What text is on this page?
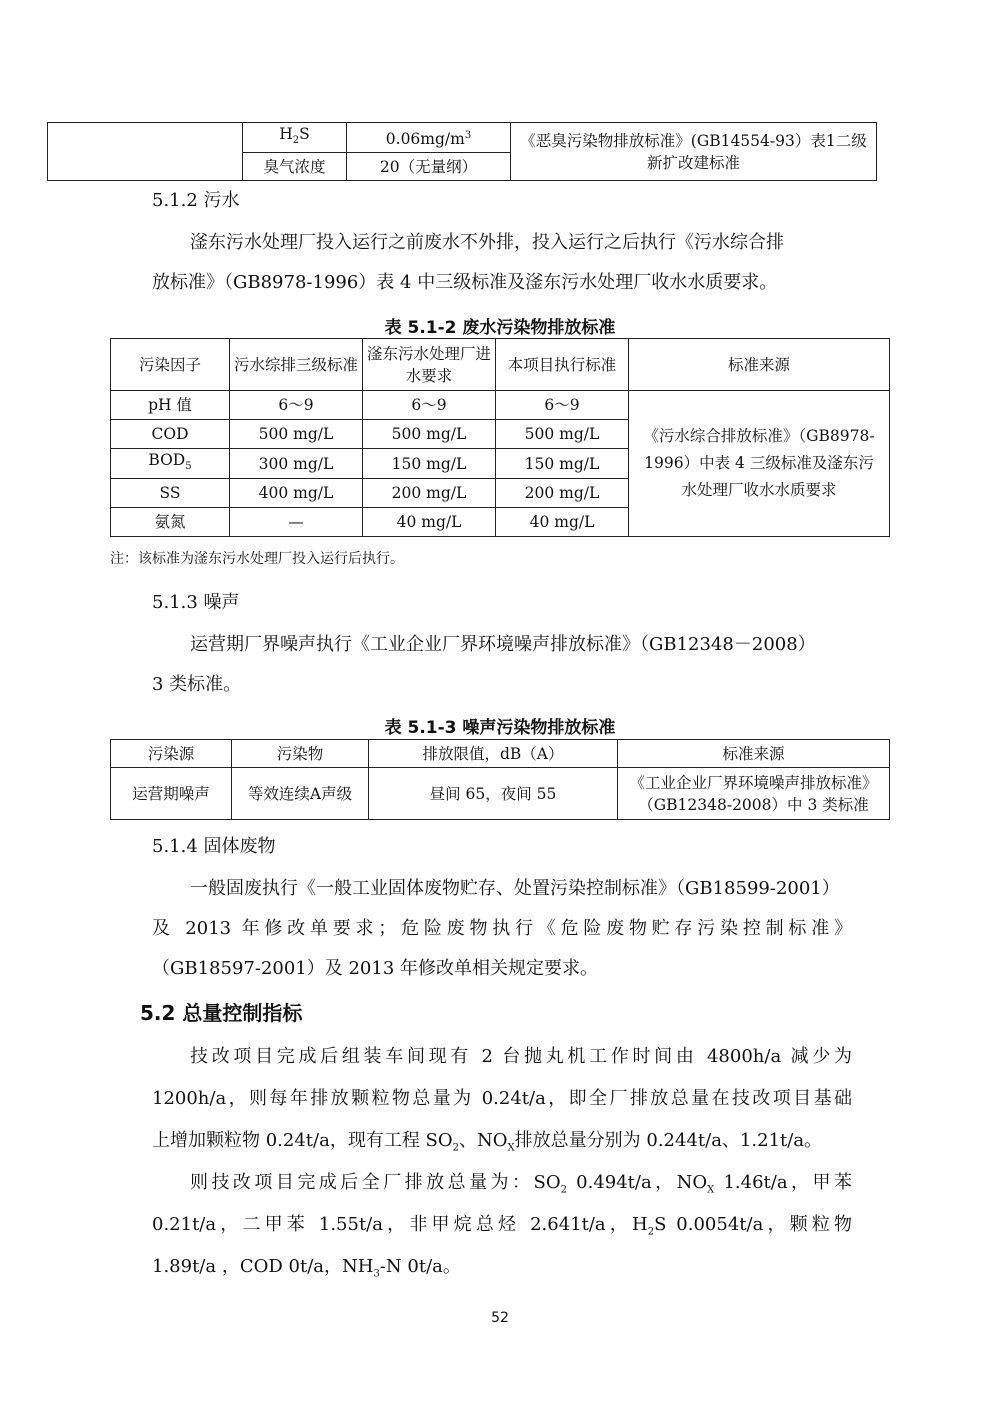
	$H_2S$	$0.06mg/m^3$	《恶臭污染物排放标准》(GB14554-93）表1二级新扩改建标准
	臭气浓度	20（无量纲）	
5.1.2 污水
滏东污水处理厂投入运行之前废水不外排，投入运行之后执行《污水综合排
放标准》（GB8978-1996）表 4 中三级标准及滏东污水处理厂收水水质要求。
表 5.1-2 废水污染物排放标准
污染因子	污水综排三级标准	滏东污水处理厂进水要求	本项目执行标准	标准来源
pH 值	6～9	6～9	6～9	《污水综合排放标准》（GB8978-1996）中表 4 三级标准及滏东污水处理厂收水水质要求
COD	500 mg/L	500 mg/L	500 mg/L	
$BOD_5$	300 mg/L	150 mg/L	150 mg/L	
SS	400 mg/L	200 mg/L	200 mg/L	
氨氮	—	40 mg/L	40 mg/L	
注：该标准为滏东污水处理厂投入运行后执行。
5.1.3 噪声
运营期厂界噪声执行《工业企业厂界环境噪声排放标准》（GB12348－2008）
3 类标准。
表 5.1-3 噪声污染物排放标准
污染源	污染物	排放限值，dB（A）	标准来源
运营期噪声	等效连续A声级	昼间 65，夜间 55	《工业企业厂界环境噪声排放标准》（GB12348-2008）中 3 类标准
5.1.4 固体废物
一般固废执行《一般工业固体废物贮存、处置污染控制标准》（GB18599-2001）
及 2013 年修改单要求；危险废物执行《危险废物贮存污染控制标准》
（GB18597-2001）及 2013 年修改单相关规定要求。
5.2 总量控制指标
技改项目完成后组装车间现有 2 台抛丸机工作时间由 4800h/a 减少为
1200h/a，则每年排放颗粒物总量为 0.24t/a，即全厂排放总量在技改项目基础
上增加颗粒物 0.24t/a，现有工程 $SO_2$、$NO_X$排放总量分别为 0.244t/a、1.21t/a。
则技改项目完成后全厂排放总量为：$SO_2$ 0.494t/a，$NO_X$ 1.46t/a，甲苯
0.21t/a，二甲苯 1.55t/a，非甲烷总烃 2.641t/a，$H_2S$ 0.0054t/a，颗粒物
1.89t/a ，COD 0t/a，$NH_3-N$ 0t/a。
52
